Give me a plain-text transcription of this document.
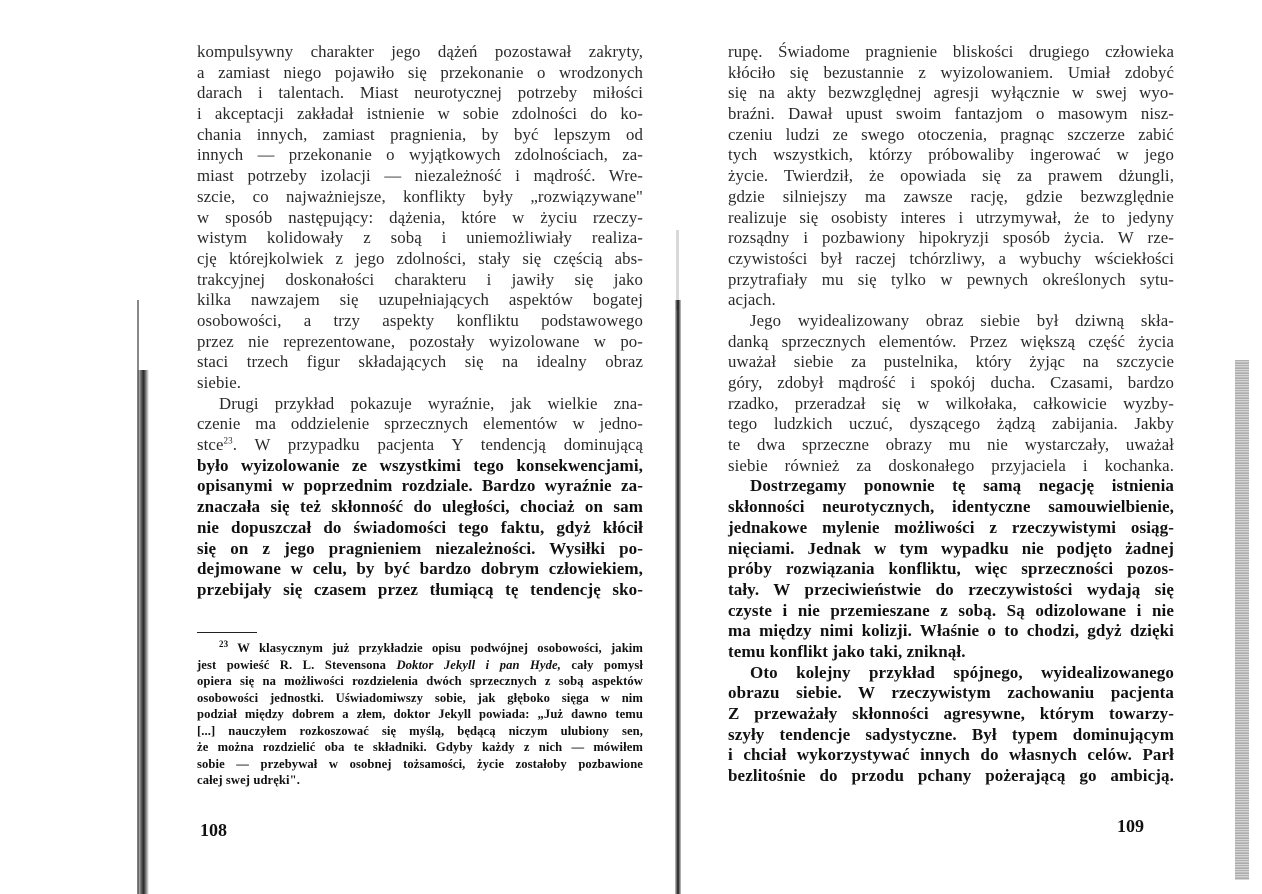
kompulsywny charakter jego dążeń pozostawał zakryty,
a zamiast niego pojawiło się przekonanie o wrodzonych
darach i talentach. Miast neurotycznej potrzeby miłości
i akceptacji zakładał istnienie w sobie zdolności do ko-
chania innych, zamiast pragnienia, by być lepszym od
innych — przekonanie o wyjątkowych zdolnościach, za-
miast potrzeby izolacji — niezależność i mądrość. Wre-
szcie, co najważniejsze, konflikty były „rozwiązywane"
w sposób następujący: dążenia, które w życiu rzeczy-
wistym kolidowały z sobą i uniemożliwiały realiza-
cję którejkolwiek z jego zdolności, stały się częścią abs-
trakcyjnej doskonałości charakteru i jawiły się jako
kilka nawzajem się uzupełniających aspektów bogatej
osobowości, a trzy aspekty konfliktu podstawowego
przez nie reprezentowane, pozostały wyizolowane w po-
staci trzech figur składających się na idealny obraz
siebie.
Drugi przykład pokazuje wyraźnie, jak wielkie zna-
czenie ma oddzielenie sprzecznych elementów w jedno-
stce$^{23}$. W przypadku pacjenta Y tendencją dominującą
było wyizolowanie ze wszystkimi tego konsekwencjami,
opisanymi w poprzednim rozdziale. Bardzo wyraźnie za-
znaczała się też skłonność do uległości, chociaż on sam
nie dopuszczał do świadomości tego faktu, gdyż kłócił
się on z jego pragnieniem niezależności. Wysiłki po-
dejmowane w celu, by być bardzo dobrym człowiekiem,
przebijały się czasem przez tłumiącą tę tendencję sko-
$^{23}$ W klasycznym już przykładzie opisu podwójnej osobowości, jakim
jest powieść R. L. Stevensona Doktor Jekyll i pan Hyde, cały pomysł
opiera się na możliwości rozdzielenia dwóch sprzecznych z sobą aspektów
osobowości jednostki. Uświadomiwszy sobie, jak głęboko sięga w nim
podział między dobrem a złem, doktor Jekyll powiada: „Już dawno temu
[...] nauczyłem rozkoszować się myślą, będącą niczym ulubiony sen,
że można rozdzielić oba te składniki. Gdyby każdy z nich — mówiłem
sobie — przebywał w osobnej tożsamości, życie zostałoby pozbawione
całej swej udręki".
108
rupę. Świadome pragnienie bliskości drugiego człowieka
kłóciło się bezustannie z wyizolowaniem. Umiał zdobyć
się na akty bezwzględnej agresji wyłącznie w swej wyo-
braźni. Dawał upust swoim fantazjom o masowym nisz-
czeniu ludzi ze swego otoczenia, pragnąc szczerze zabić
tych wszystkich, którzy próbowaliby ingerować w jego
życie. Twierdził, że opowiada się za prawem dżungli,
gdzie silniejszy ma zawsze rację, gdzie bezwzględnie
realizuje się osobisty interes i utrzymywał, że to jedyny
rozsądny i pozbawiony hipokryzji sposób życia. W rze-
czywistości był raczej tchórzliwy, a wybuchy wściekłości
przytrafiały mu się tylko w pewnych określonych sytu-
acjach.
Jego wyidealizowany obraz siebie był dziwną skła-
danką sprzecznych elementów. Przez większą część życia
uważał siebie za pustelnika, który żyjąc na szczycie
góry, zdobył mądrość i spokój ducha. Czasami, bardzo
rzadko, przeradzał się w wilkołaka, całkowicie wyzby-
tego ludzkich uczuć, dyszącego żądzą zabijania. Jakby
te dwa sprzeczne obrazy mu nie wystarczały, uważał
siebie również za doskonałego przyjaciela i kochanka.
Dostrzegamy ponownie tę samą negację istnienia
skłonności neurotycznych, identyczne samouwielbienie,
jednakowe mylenie możliwości z rzeczywistymi osiąg-
nięciami. Jednak w tym wypadku nie podjęto żadnej
próby rozwiązania konfliktu, więc sprzeczności pozos-
tały. W przeciwieństwie do rzeczywistości wydają się
czyste i nie przemieszane z sobą. Są odizolowane i nie
ma między nimi kolizji. Właśnie o to chodzi, gdyż dzięki
temu konflikt jako taki, zniknął.
Oto kolejny przykład spójnego, wyidealizowanego
obrazu siebie. W rzeczywistym zachowaniu pacjenta
Z przeważały skłonności agresywne, którym towarzy-
szyły tendencje sadystyczne. Był typem dominującym
i chciał wykorzystywać innych do własnych celów. Parł
bezlitośnie do przodu pchany pożerającą go ambicją.
109
